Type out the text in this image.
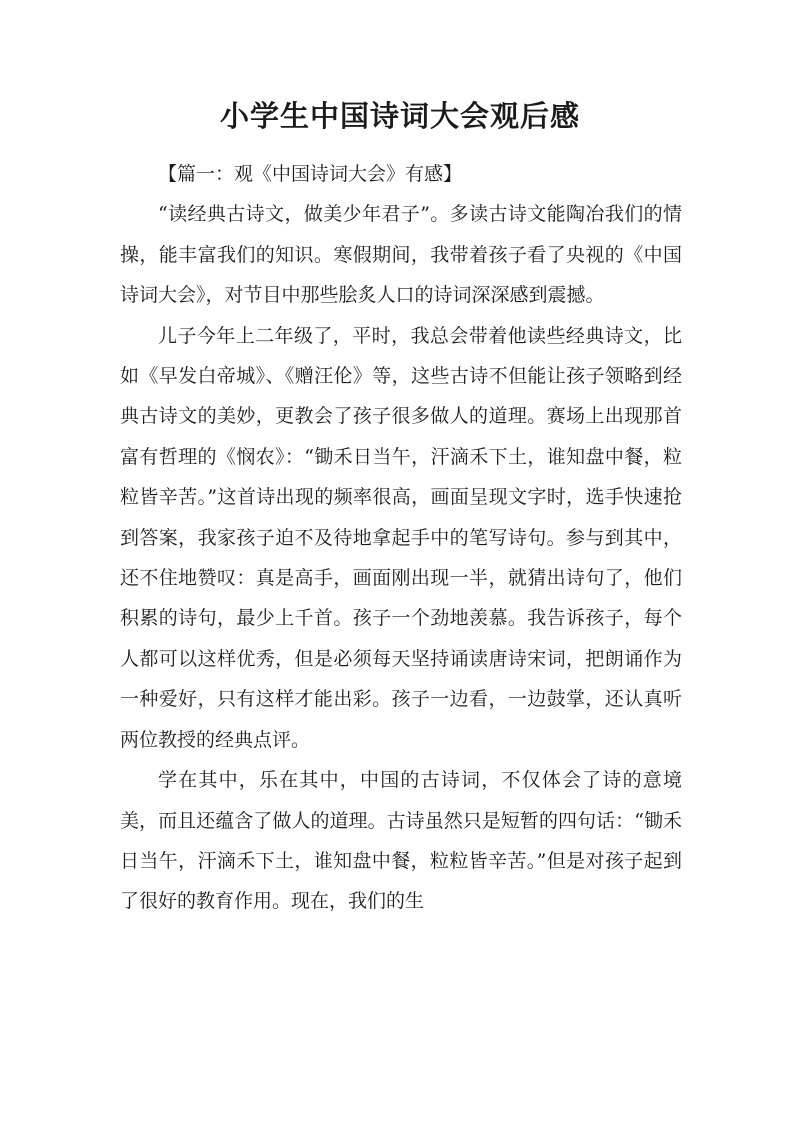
小学生中国诗词大会观后感
【篇一：观《中国诗词大会》有感】

“读经典古诗文，做美少年君子”。多读古诗文能陶冶我们的情操，能丰富我们的知识。寒假期间，我带着孩子看了央视的《中国诗词大会》，对节目中那些脍炙人口的诗词深深感到震撼。

儿子今年上二年级了，平时，我总会带着他读些经典诗文，比如《早发白帝城》、《赠汪伦》等，这些古诗不但能让孩子领略到经典古诗文的美妙，更教会了孩子很多做人的道理。赛场上出现那首富有哲理的《悯农》：“锄禾日当午，汗滴禾下土，谁知盘中餐，粒粒皆辛苦。”这首诗出现的频率很高，画面呈现文字时，选手快速抢到答案，我家孩子迫不及待地拿起手中的笔写诗句。参与到其中，还不住地赞叹：真是高手，画面刚出现一半，就猜出诗句了，他们积累的诗句，最少上千首。孩子一个劲地羡慕。我告诉孩子，每个人都可以这样优秀，但是必须每天坚持诵读唐诗宋词，把朗诵作为一种爱好，只有这样才能出彩。孩子一边看，一边鼓掌，还认真听两位教授的经典点评。

学在其中，乐在其中，中国的古诗词，不仅体会了诗的意境美，而且还蕴含了做人的道理。古诗虽然只是短暂的四句话：“锄禾日当午，汗滴禾下土，谁知盘中餐，粒粒皆辛苦。”但是对孩子起到了很好的教育作用。现在，我们的生
